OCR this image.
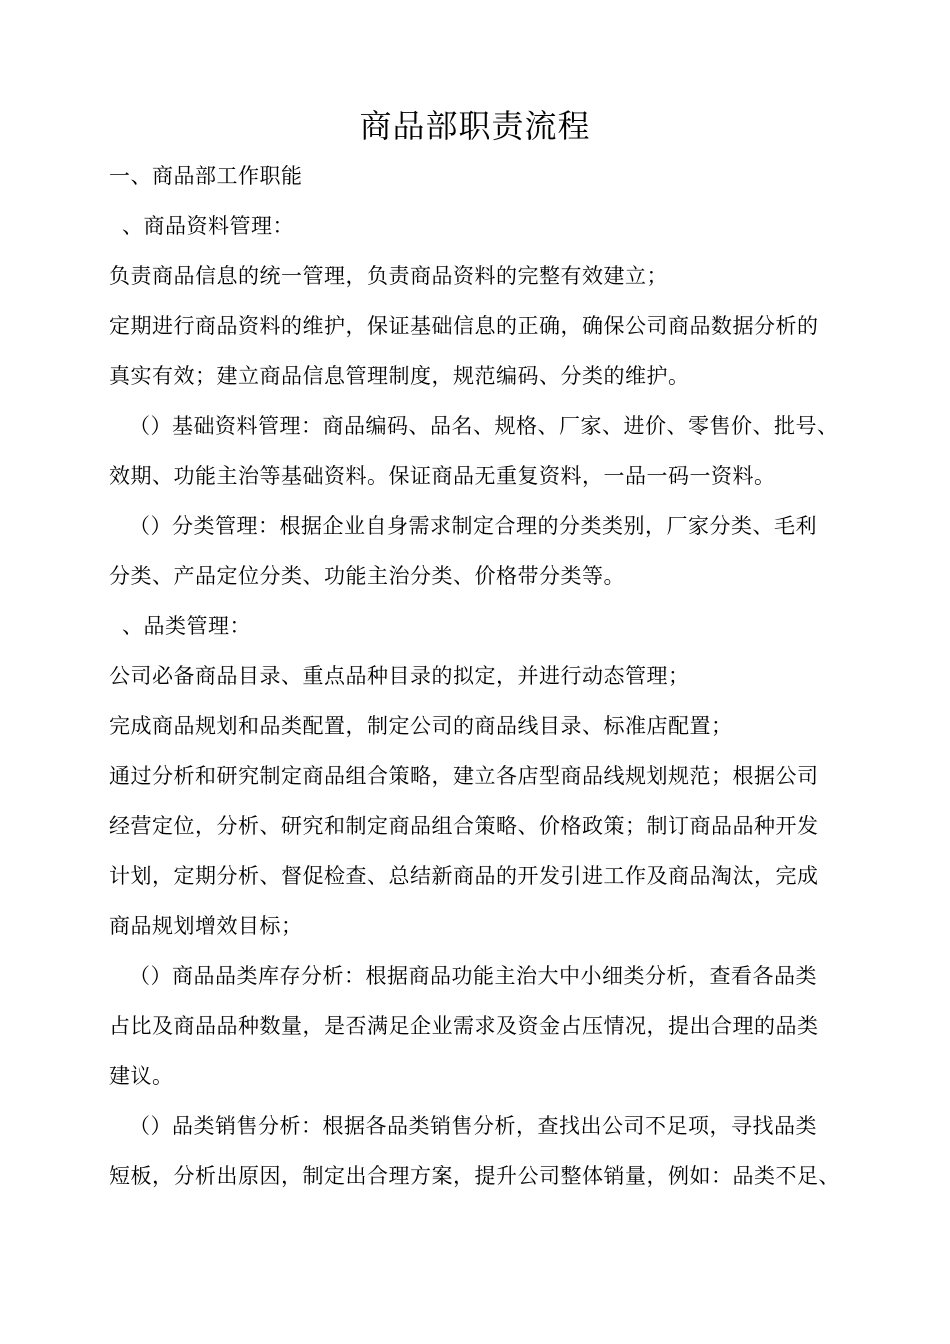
商品部职责流程
一、商品部工作职能
、商品资料管理：
负责商品信息的统一管理，负责商品资料的完整有效建立；
定期进行商品资料的维护，保证基础信息的正确，确保公司商品数据分析的
真实有效；建立商品信息管理制度，规范编码、分类的维护。
（）基础资料管理：商品编码、品名、规格、厂家、进价、零售价、批号、
效期、功能主治等基础资料。保证商品无重复资料，一品一码一资料。
（）分类管理：根据企业自身需求制定合理的分类类别，厂家分类、毛利
分类、产品定位分类、功能主治分类、价格带分类等。
、品类管理：
公司必备商品目录、重点品种目录的拟定，并进行动态管理；
完成商品规划和品类配置，制定公司的商品线目录、标准店配置；
通过分析和研究制定商品组合策略，建立各店型商品线规划规范；根据公司
经营定位，分析、研究和制定商品组合策略、价格政策；制订商品品种开发
计划，定期分析、督促检查、总结新商品的开发引进工作及商品淘汰，完成
商品规划增效目标；
（）商品品类库存分析：根据商品功能主治大中小细类分析，查看各品类
占比及商品品种数量，是否满足企业需求及资金占压情况，提出合理的品类
建议。
（）品类销售分析：根据各品类销售分析，查找出公司不足项，寻找品类
短板，分析出原因，制定出合理方案，提升公司整体销量，例如：品类不足、
